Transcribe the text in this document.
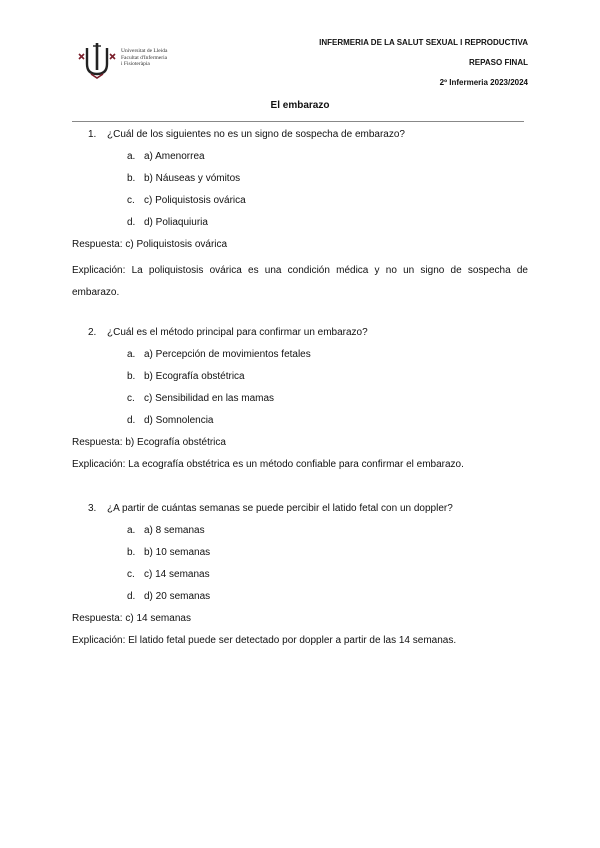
Universitat de Lleida
Facultat d'Infermeria
i Fisioteràpia
INFERMERIA DE LA SALUT SEXUAL I REPRODUCTIVA
REPASO FINAL
2º Infermeria 2023/2024
El embarazo
1. ¿Cuál de los siguientes no es un signo de sospecha de embarazo?
a. a) Amenorrea
b. b) Náuseas y vómitos
c. c) Poliquistosis ovárica
d. d) Poliaquiuria
Respuesta: c) Poliquistosis ovárica
Explicación: La poliquistosis ovárica es una condición médica y no un signo de sospecha de embarazo.
2. ¿Cuál es el método principal para confirmar un embarazo?
a. a) Percepción de movimientos fetales
b. b) Ecografía obstétrica
c. c) Sensibilidad en las mamas
d. d) Somnolencia
Respuesta: b) Ecografía obstétrica
Explicación: La ecografía obstétrica es un método confiable para confirmar el embarazo.
3. ¿A partir de cuántas semanas se puede percibir el latido fetal con un doppler?
a. a) 8 semanas
b. b) 10 semanas
c. c) 14 semanas
d. d) 20 semanas
Respuesta: c) 14 semanas
Explicación: El latido fetal puede ser detectado por doppler a partir de las 14 semanas.
